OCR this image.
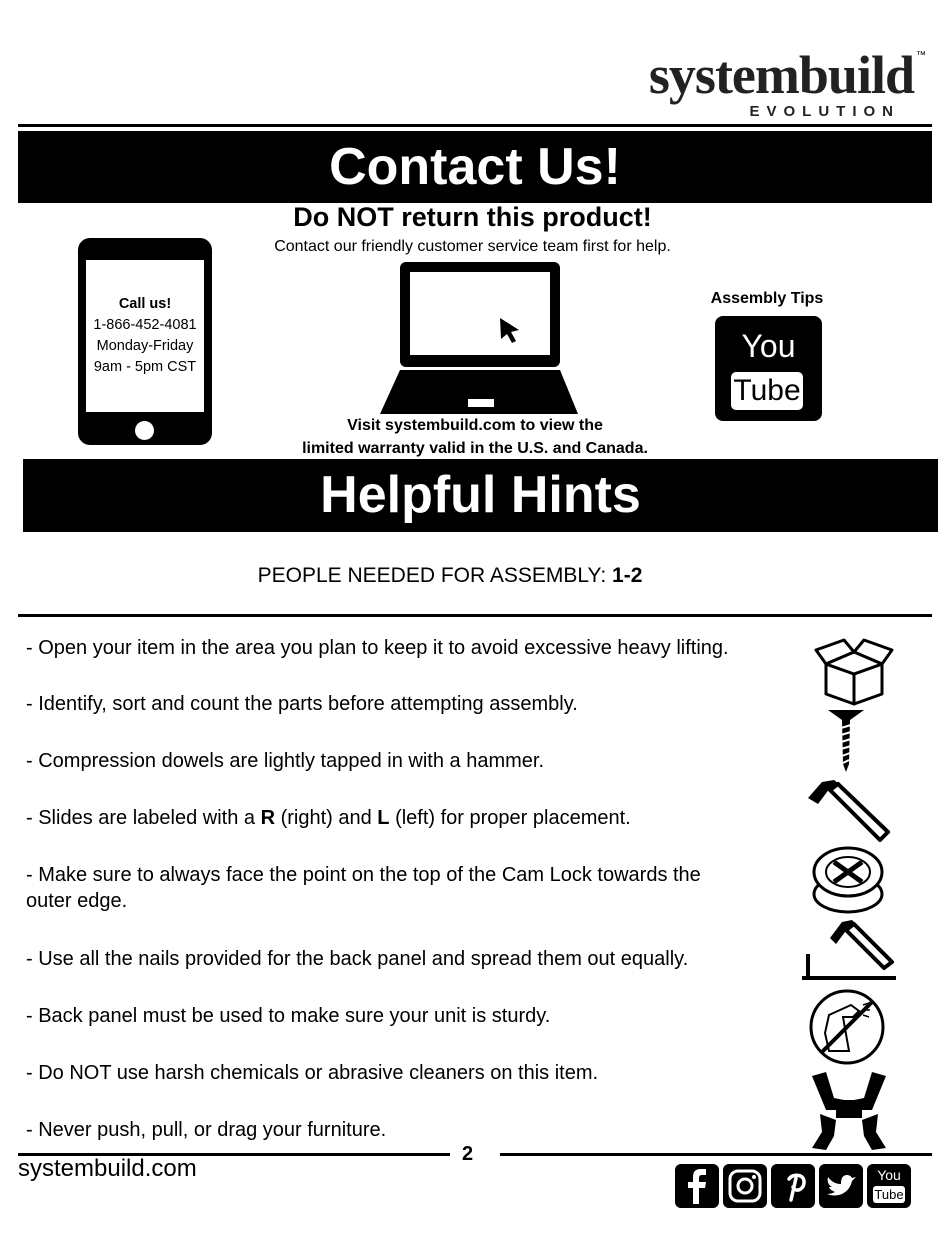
systembuild ™
EVOLUTION
Contact Us!
Do NOT return this product!
Contact our friendly customer service team first for help.
Call us!
1-866-452-4081
Monday-Friday
9am - 5pm CST
Assembly Tips
You
Tube
Visit systembuild.com to view the
limited warranty valid in the U.S. and Canada.
Helpful Hints
PEOPLE NEEDED FOR ASSEMBLY: 1-2
- Open your item in the area you plan to keep it to avoid excessive heavy lifting.
- Identify, sort and count the parts before attempting assembly.
- Compression dowels are lightly tapped in with a hammer.
- Slides are labeled with a R (right) and L (left) for proper placement.
- Make sure to always face the point on the top of the Cam Lock towards the
outer edge.
- Use all the nails provided for the back panel and spread them out equally.
- Back panel must be used to make sure your unit is sturdy.
- Do NOT use harsh chemicals or abrasive cleaners on this item.
- Never push, pull, or drag your furniture.
systembuild.com
2
You
Tube
